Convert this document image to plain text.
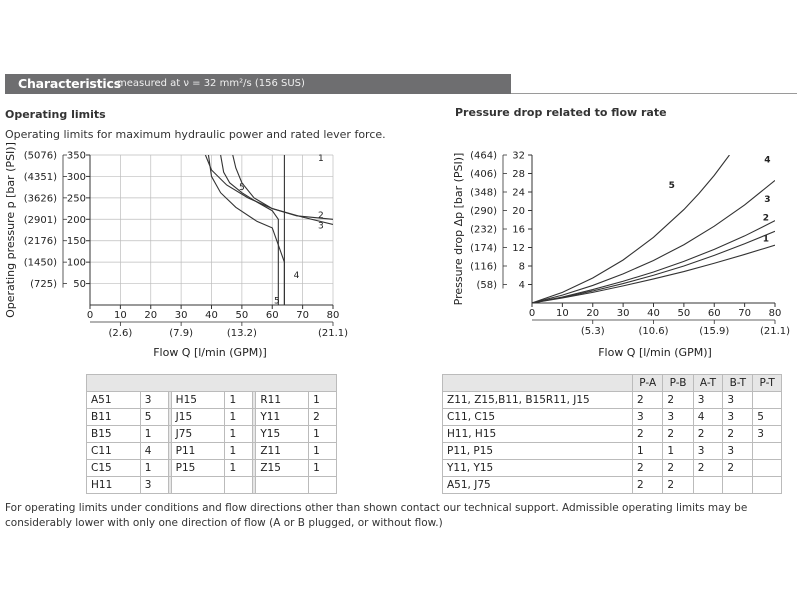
Characteristics
measured at ν = 32 mm²/s (156 SUS)
Operating limits
Operating limits for maximum hydraulic power and rated lever force.
Pressure drop related to flow rate
0 10 20 30 40 50 60 70 80
(2.6)	(7.9)	(13.2)	(21.1)
50
100
150
200
250
300
350
(725)
(1450)
(2176)
(2901)
(3626)
(4351)
(5076)
Operating pressure p [bar (PSI)]
Flow Q [l/min (GPM)]
1
2
3
4
5
5
0 10 20 30 40 50 60 70 80
(5.3)	(10.6)	(15.9)	(21.1)
4
8
12
16
20
24
28
32
(58)
(116)
(174)
(232)
(290)
(348)
(406)
(464)
Pressure drop Δp [bar (PSI)]
Flow Q [l/min (GPM)]
1
2
3
4
5

A51	3		H15	1		R11	1
B11	5		J15	1		Y11	2
B15	1		J75	1		Y15	1
C11	4		P11	1		Z11	1
C15	1		P15	1		Z15	1
H11	3						
	P-A	P-B	A-T	B-T	P-T
Z11, Z15,B11, B15R11, J15	2	2	3	3	
C11, C15	3	3	4	3	5
H11, H15	2	2	2	2	3
P11, P15	1	1	3	3	
Y11, Y15	2	2	2	2	
A51, J75	2	2			
For operating limits under conditions and flow directions other than shown contact our technical support. Admissible operating limits may be considerably lower with only one direction of flow (A or B plugged, or without flow.)
